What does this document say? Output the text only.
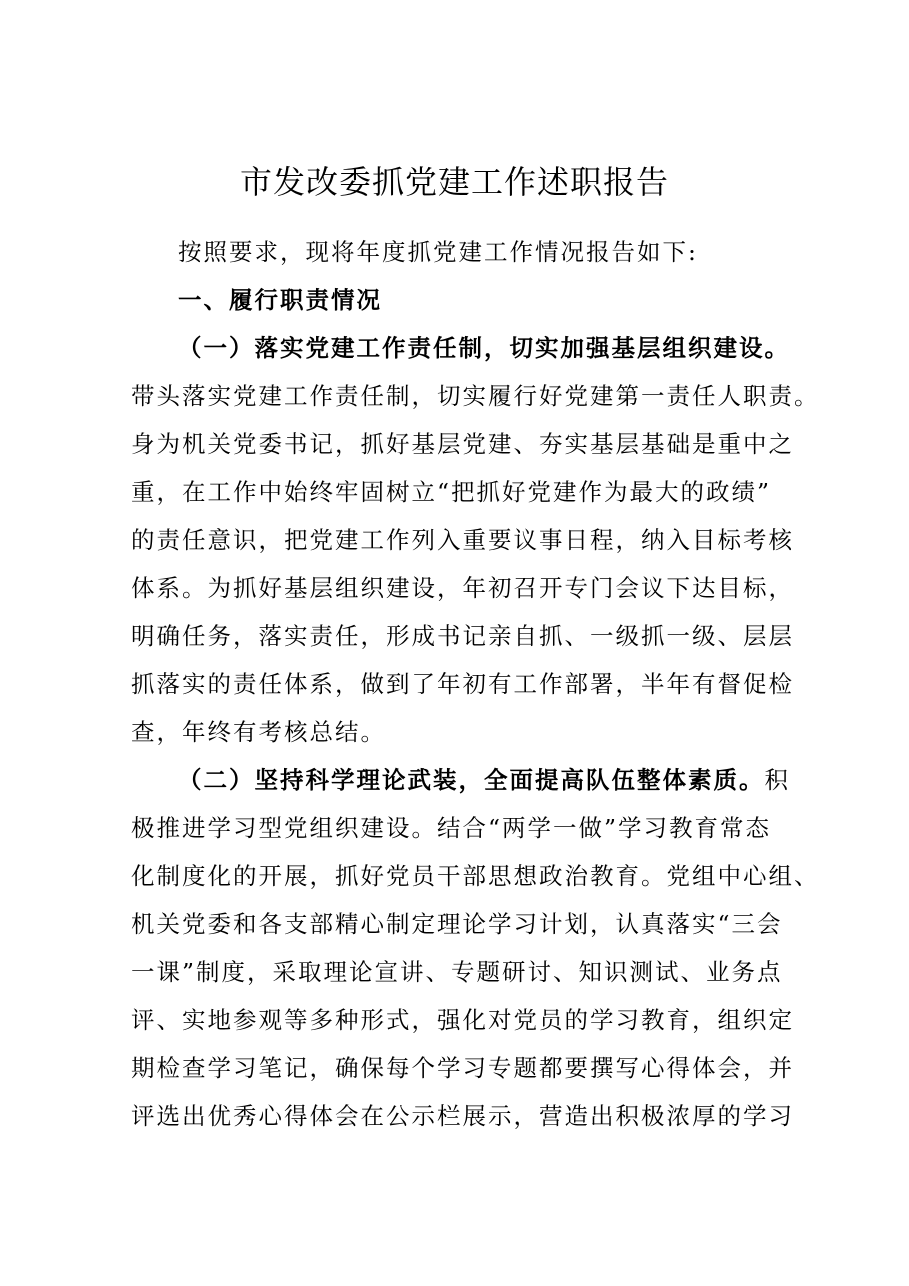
市发改委抓党建工作述职报告
按照要求，现将年度抓党建工作情况报告如下:
一、履行职责情况
（一）落实党建工作责任制，切实加强基层组织建设。
带头落实党建工作责任制，切实履行好党建第一责任人职责。
身为机关党委书记，抓好基层党建、夯实基层基础是重中之
重，在工作中始终牢固树立“把抓好党建作为最大的政绩”
的责任意识，把党建工作列入重要议事日程，纳入目标考核
体系。为抓好基层组织建设，年初召开专门会议下达目标，
明确任务，落实责任，形成书记亲自抓、一级抓一级、层层
抓落实的责任体系，做到了年初有工作部署，半年有督促检
查，年终有考核总结。
（二）坚持科学理论武装，全面提高队伍整体素质。积
极推进学习型党组织建设。结合“两学一做”学习教育常态
化制度化的开展，抓好党员干部思想政治教育。党组中心组、
机关党委和各支部精心制定理论学习计划，认真落实“三会
一课”制度，采取理论宣讲、专题研讨、知识测试、业务点
评、实地参观等多种形式，强化对党员的学习教育，组织定
期检查学习笔记，确保每个学习专题都要撰写心得体会，并
评选出优秀心得体会在公示栏展示，营造出积极浓厚的学习
